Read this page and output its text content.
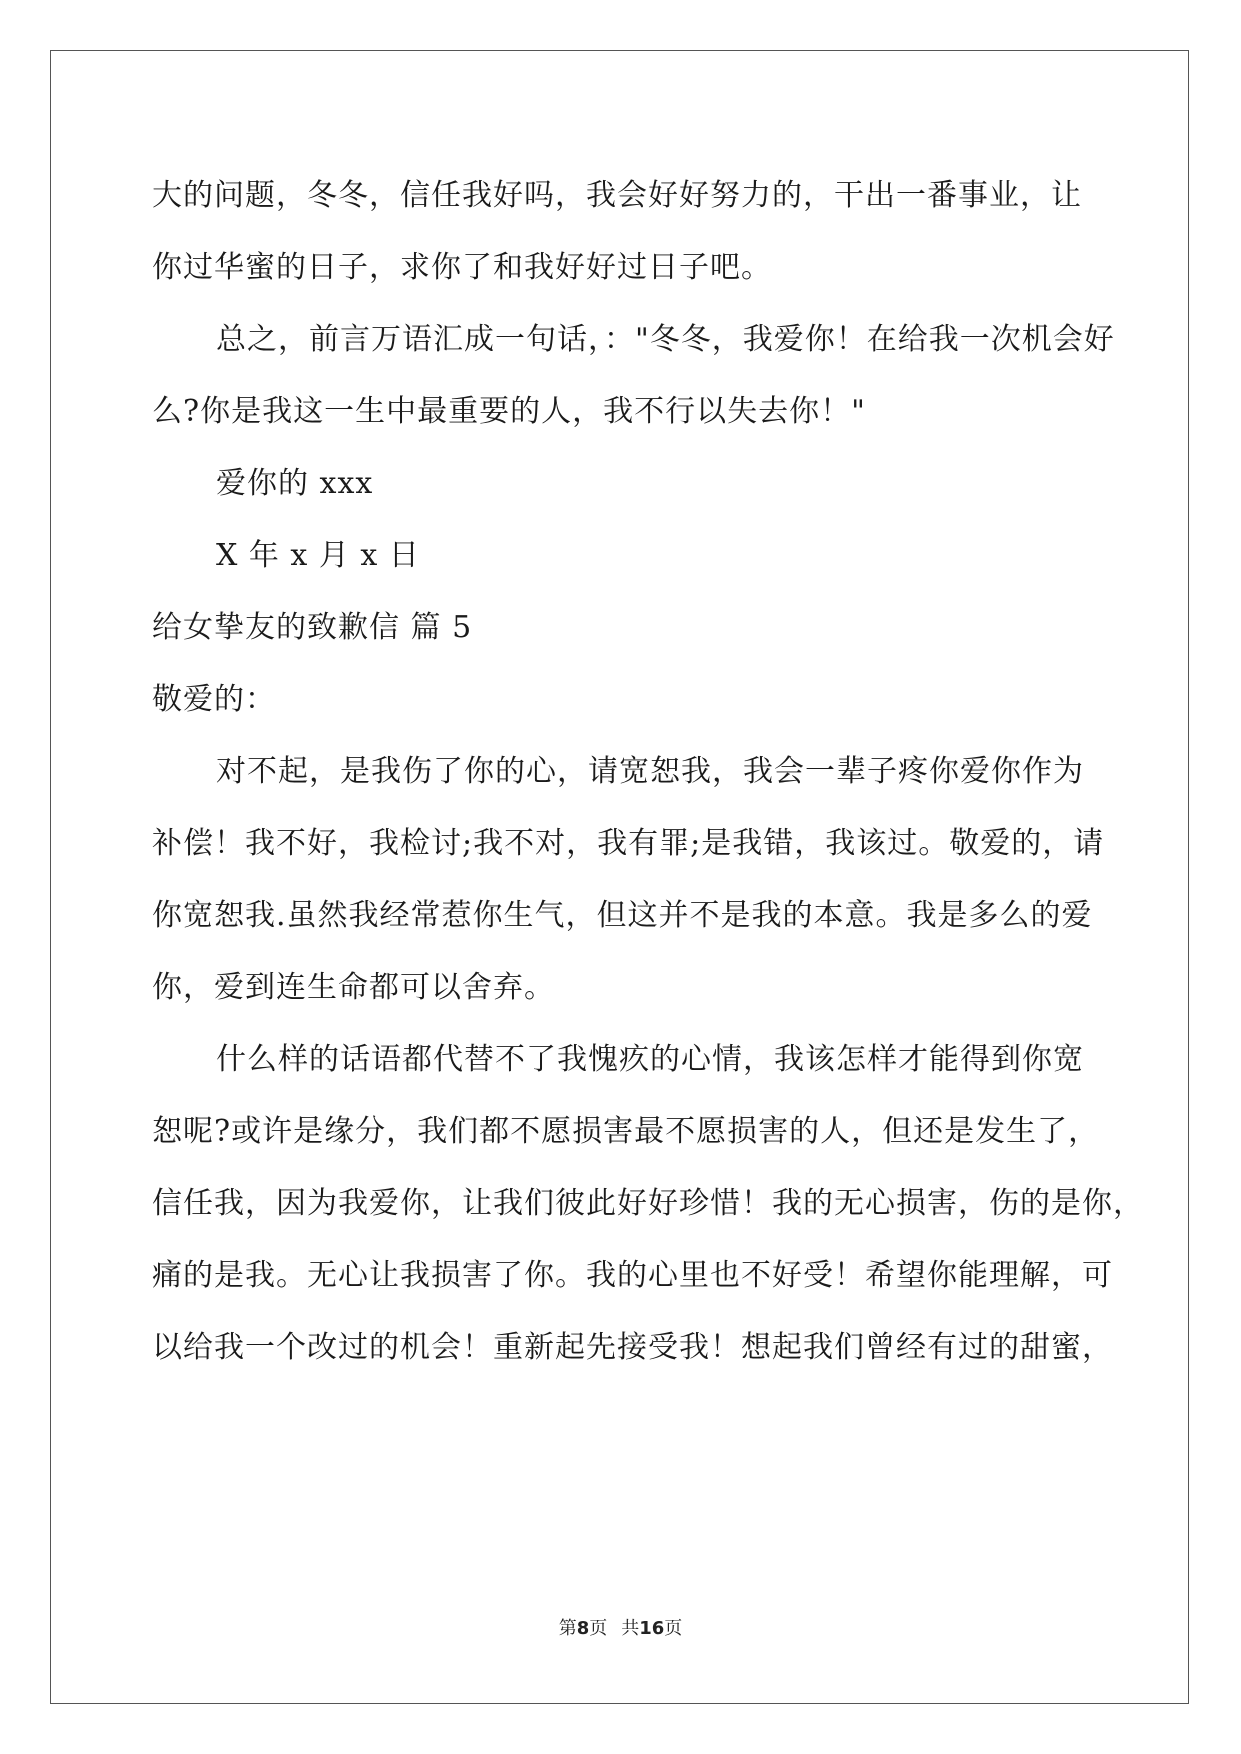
大的问题，冬冬，信任我好吗，我会好好努力的，干出一番事业，让
你过华蜜的日子，求你了和我好好过日子吧。
总之，前言万语汇成一句话，："冬冬，我爱你！在给我一次机会好
么?你是我这一生中最重要的人，我不行以失去你！"
爱你的 xxx
X 年 x 月 x 日
给女挚友的致歉信 篇 5
敬爱的：
对不起，是我伤了你的心，请宽恕我，我会一辈子疼你爱你作为
补偿！我不好，我检讨;我不对，我有罪;是我错，我该过。敬爱的，请
你宽恕我.虽然我经常惹你生气，但这并不是我的本意。我是多么的爱
你，爱到连生命都可以舍弃。
什么样的话语都代替不了我愧疚的心情，我该怎样才能得到你宽
恕呢?或许是缘分，我们都不愿损害最不愿损害的人，但还是发生了，
信任我，因为我爱你，让我们彼此好好珍惜！我的无心损害，伤的是你，
痛的是我。无心让我损害了你。我的心里也不好受！希望你能理解，可
以给我一个改过的机会！重新起先接受我！想起我们曾经有过的甜蜜，
第8页 共16页
